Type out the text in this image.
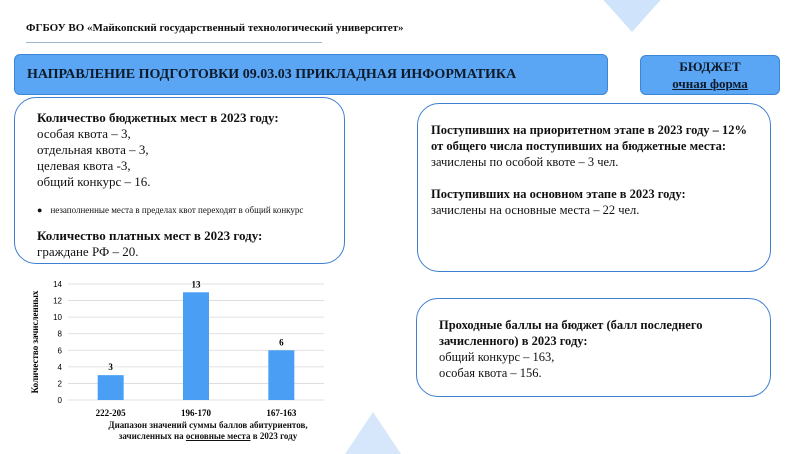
ФГБОУ ВО «Майкопский государственный технологический университет»
НАПРАВЛЕНИЕ ПОДГОТОВКИ 09.03.03 ПРИКЛАДНАЯ ИНФОРМАТИКА	БЮДЖЕТ
очная форма
Количество бюджетных мест в 2023 году:
особая квота – 3,
отдельная квота – 3,
целевая квота -3,
общий конкурс – 16.
● незаполненные места в пределах квот переходят в общий конкурс
Количество платных мест в 2023 году:
граждане РФ – 20.
Поступивших на приоритетном этапе в 2023 году – 12% от общего числа поступивших на бюджетные места:
зачислены по особой квоте – 3 чел.
Поступивших на основном этапе в 2023 году:
зачислены на основные места – 22 чел.
Проходные баллы на бюджет (балл последнего зачисленного) в 2023 году:
общий конкурс – 163,
особая квота – 156.
Количество зачисленных
0
2
4
6
8
10
12
14
3
222-205
13
196-170
6
167-163
Диапазон значений суммы баллов абитуриентов,
зачисленных на основные места в 2023 году
